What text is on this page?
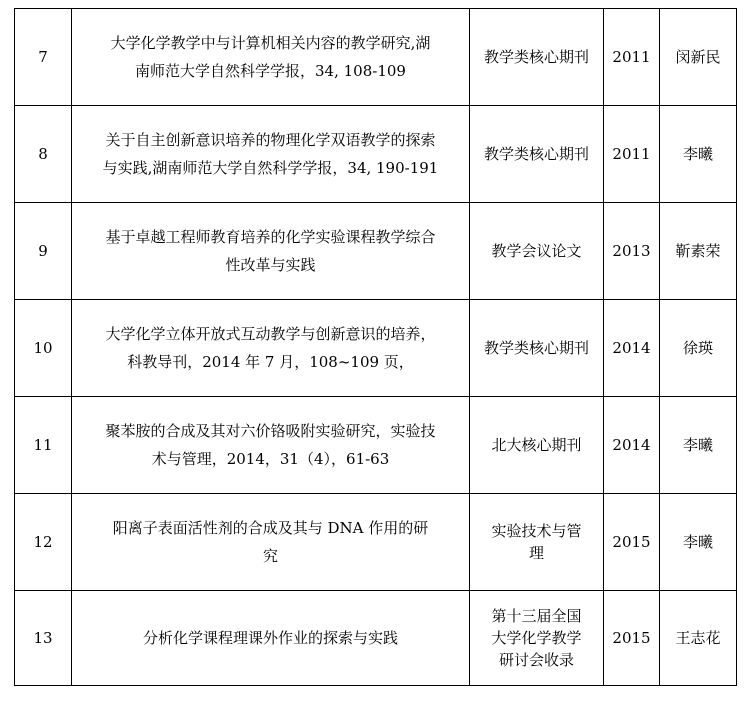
7	大学化学教学中与计算机相关内容的教学研究,湖
南师范大学自然科学学报，34, 108-109	教学类核心期刊	2011	闵新民
8	关于自主创新意识培养的物理化学双语教学的探索
与实践,湖南师范大学自然科学学报，34, 190-191	教学类核心期刊	2011	李曦
9	基于卓越工程师教育培养的化学实验课程教学综合
性改革与实践	教学会议论文	2013	靳素荣
10	大学化学立体开放式互动教学与创新意识的培养，
科教导刊，2014 年 7 月，108~109 页，	教学类核心期刊	2014	徐瑛
11	聚苯胺的合成及其对六价铬吸附实验研究，实验技
术与管理，2014，31（4），61-63	北大核心期刊	2014	李曦
12	阳离子表面活性剂的合成及其与 DNA 作用的研
究	实验技术与管
理	2015	李曦
13	分析化学课程理课外作业的探索与实践	第十三届全国
大学化学教学
研讨会收录	2015	王志花
